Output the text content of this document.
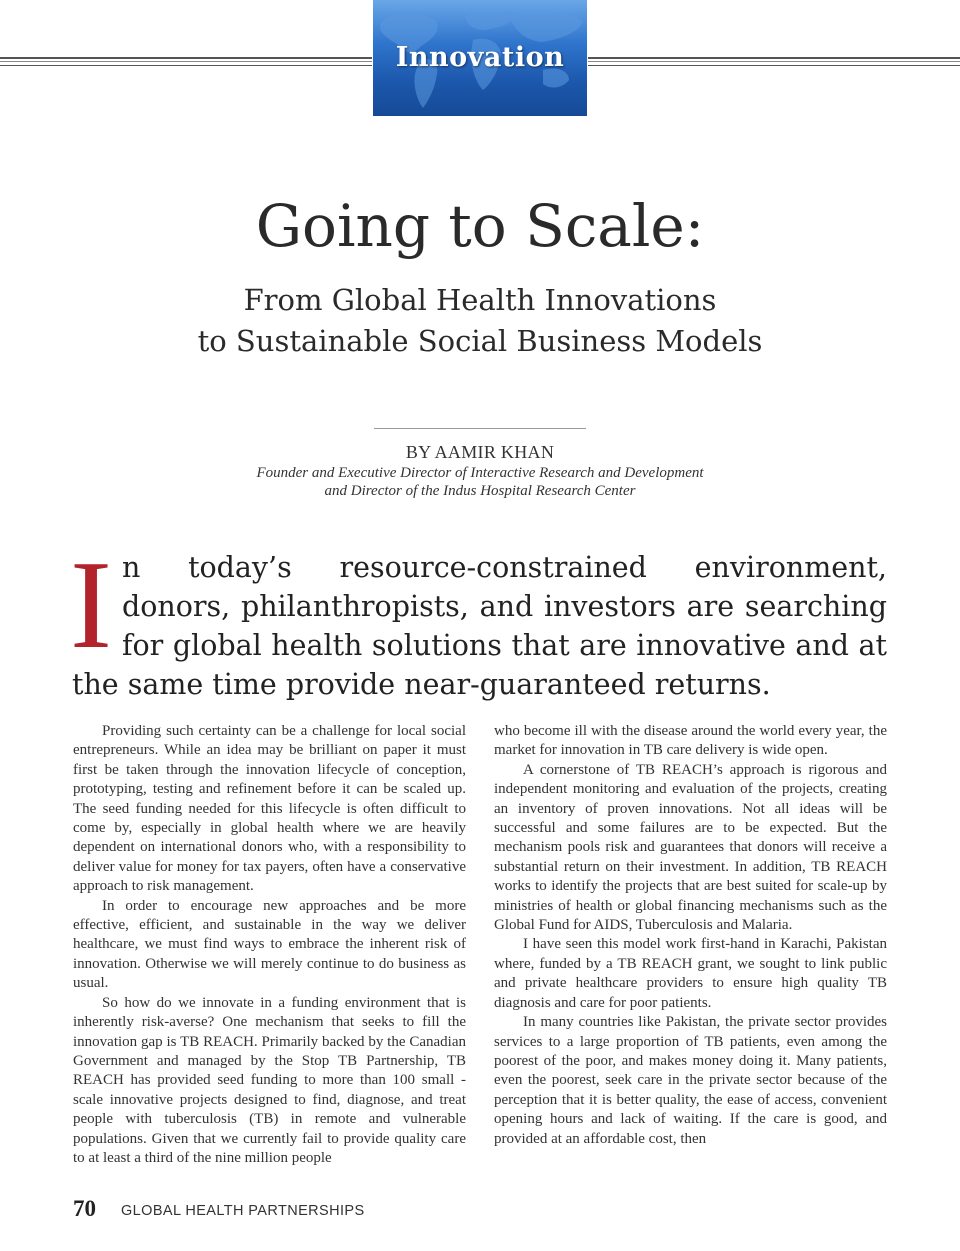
Innovation
Going to Scale:
From Global Health Innovations
to Sustainable Social Business Models
BY AAMIR KHAN
Founder and Executive Director of Interactive Research and Development
and Director of the Indus Hospital Research Center
I n today’s resource-constrained environment, donors, philanthropists, and investors are searching for global health solutions that are innovative and at the same time provide near-guaranteed returns.

Providing such certainty can be a challenge for local social entrepreneurs. While an idea may be brilliant on paper it must first be taken through the innovation lifecycle of conception, prototyping, testing and refinement before it can be scaled up. The seed funding needed for this lifecycle is often difficult to come by, especially in global health where we are heavily dependent on international donors who, with a responsibility to deliver value for money for tax payers, often have a conservative approach to risk management.

In order to encourage new approaches and be more effective, efficient, and sustainable in the way we deliver healthcare, we must find ways to embrace the inherent risk of innovation. Otherwise we will merely continue to do business as usual.

So how do we innovate in a funding environment that is inherently risk-averse? One mechanism that seeks to fill the innovation gap is TB REACH. Primarily backed by the Canadian Government and managed by the Stop TB Partnership, TB REACH has provided seed funding to more than 100 small -scale innovative projects designed to find, diagnose, and treat people with tuberculosis (TB) in remote and vulnerable populations. Given that we currently fail to provide quality care to at least a third of the nine million people

who become ill with the disease around the world every year, the market for innovation in TB care delivery is wide open.

A cornerstone of TB REACH’s approach is rigorous and independent monitoring and evaluation of the projects, creating an inventory of proven innovations. Not all ideas will be successful and some failures are to be expected. But the mechanism pools risk and guarantees that donors will receive a substantial return on their investment. In addition, TB REACH works to identify the projects that are best suited for scale-up by ministries of health or global financing mechanisms such as the Global Fund for AIDS, Tuberculosis and Malaria.

I have seen this model work first-hand in Karachi, Pakistan where, funded by a TB REACH grant, we sought to link public and private healthcare providers to ensure high quality TB diagnosis and care for poor patients.

In many countries like Pakistan, the private sector provides services to a large proportion of TB patients, even among the poorest of the poor, and makes money doing it. Many patients, even the poorest, seek care in the private sector because of the perception that it is better quality, the ease of access, convenient opening hours and lack of waiting. If the care is good, and provided at an affordable cost, then

70 GLOBAL HEALTH PARTNERSHIPS
